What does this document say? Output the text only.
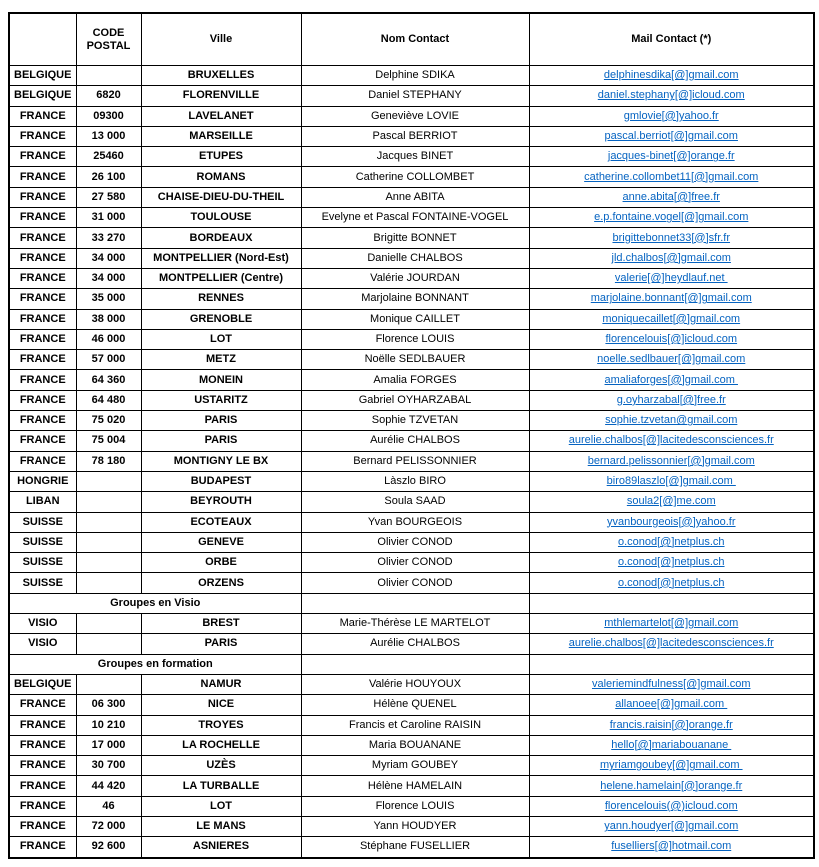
	CODE POSTAL	Ville	Nom Contact	Mail Contact (*)
BELGIQUE		BRUXELLES	Delphine SDIKA	delphinesdika[@]gmail.com
BELGIQUE	6820	FLORENVILLE	Daniel STEPHANY	daniel.stephany[@]icloud.com
FRANCE	09300	LAVELANET	Geneviève LOVIE	gmlovie[@]yahoo.fr
FRANCE	13 000	MARSEILLE	Pascal BERRIOT	pascal.berriot[@]gmail.com
FRANCE	25460	ETUPES	Jacques BINET	jacques-binet[@]orange.fr
FRANCE	26 100	ROMANS	Catherine COLLOMBET	catherine.collombet11[@]gmail.com
FRANCE	27 580	CHAISE-DIEU-DU-THEIL	Anne ABITA	anne.abita[@]free.fr
FRANCE	31 000	TOULOUSE	Evelyne et Pascal FONTAINE-VOGEL	e.p.fontaine.vogel[@]gmail.com
FRANCE	33 270	BORDEAUX	Brigitte BONNET	brigittebonnet33[@]sfr.fr
FRANCE	34 000	MONTPELLIER (Nord-Est)	Danielle CHALBOS	jld.chalbos[@]gmail.com
FRANCE	34 000	MONTPELLIER (Centre)	Valérie JOURDAN	valerie[@]heydlauf.net
FRANCE	35 000	RENNES	Marjolaine BONNANT	marjolaine.bonnant[@]gmail.com
FRANCE	38 000	GRENOBLE	Monique CAILLET	moniquecaillet[@]gmail.com
FRANCE	46 000	LOT	Florence LOUIS	florencelouis[@]icloud.com
FRANCE	57 000	METZ	Noëlle SEDLBAUER	noelle.sedlbauer[@]gmail.com
FRANCE	64 360	MONEIN	Amalia FORGES	amaliaforges[@]gmail.com
FRANCE	64 480	USTARITZ	Gabriel OYHARZABAL	g.oyharzabal[@]free.fr
FRANCE	75 020	PARIS	Sophie TZVETAN	sophie.tzvetan@gmail.com
FRANCE	75 004	PARIS	Aurélie CHALBOS	aurelie.chalbos[@]lacitedesconsciences.fr
FRANCE	78 180	MONTIGNY LE BX	Bernard PELISSONNIER	bernard.pelissonnier[@]gmail.com
HONGRIE		BUDAPEST	Làszlo BIRO	biro89laszlo[@]gmail.com
LIBAN		BEYROUTH	Soula SAAD	soula2[@]me.com
SUISSE		ECOTEAUX	Yvan BOURGEOIS	yvanbourgeois[@]yahoo.fr
SUISSE		GENEVE	Olivier CONOD	o.conod[@]netplus.ch
SUISSE		ORBE	Olivier CONOD	o.conod[@]netplus.ch
SUISSE		ORZENS	Olivier CONOD	o.conod[@]netplus.ch
Groupes en Visio				
VISIO		BREST	Marie-Thérèse LE MARTELOT	mthlemartelot[@]gmail.com
VISIO		PARIS	Aurélie CHALBOS	aurelie.chalbos[@]lacitedesconsciences.fr
Groupes en formation				
BELGIQUE		NAMUR	Valérie HOUYOUX	valeriemindfulness[@]gmail.com
FRANCE	06 300	NICE	Hélène QUENEL	allanoee[@]gmail.com
FRANCE	10 210	TROYES	Francis et Caroline RAISIN	francis.raisin[@]orange.fr
FRANCE	17 000	LA ROCHELLE	Maria BOUANANE	hello[@]mariabouanane
FRANCE	30 700	UZÈS	Myriam GOUBEY	myriamgoubey[@]gmail.com
FRANCE	44 420	LA TURBALLE	Hélène HAMELAIN	helene.hamelain[@]orange.fr
FRANCE	46	LOT	Florence LOUIS	florencelouis(@)icloud.com
FRANCE	72 000	LE MANS	Yann HOUDYER	yann.houdyer[@]gmail.com
FRANCE	92 600	ASNIERES	Stéphane FUSELLIER	fuselliers[@]hotmail.com
